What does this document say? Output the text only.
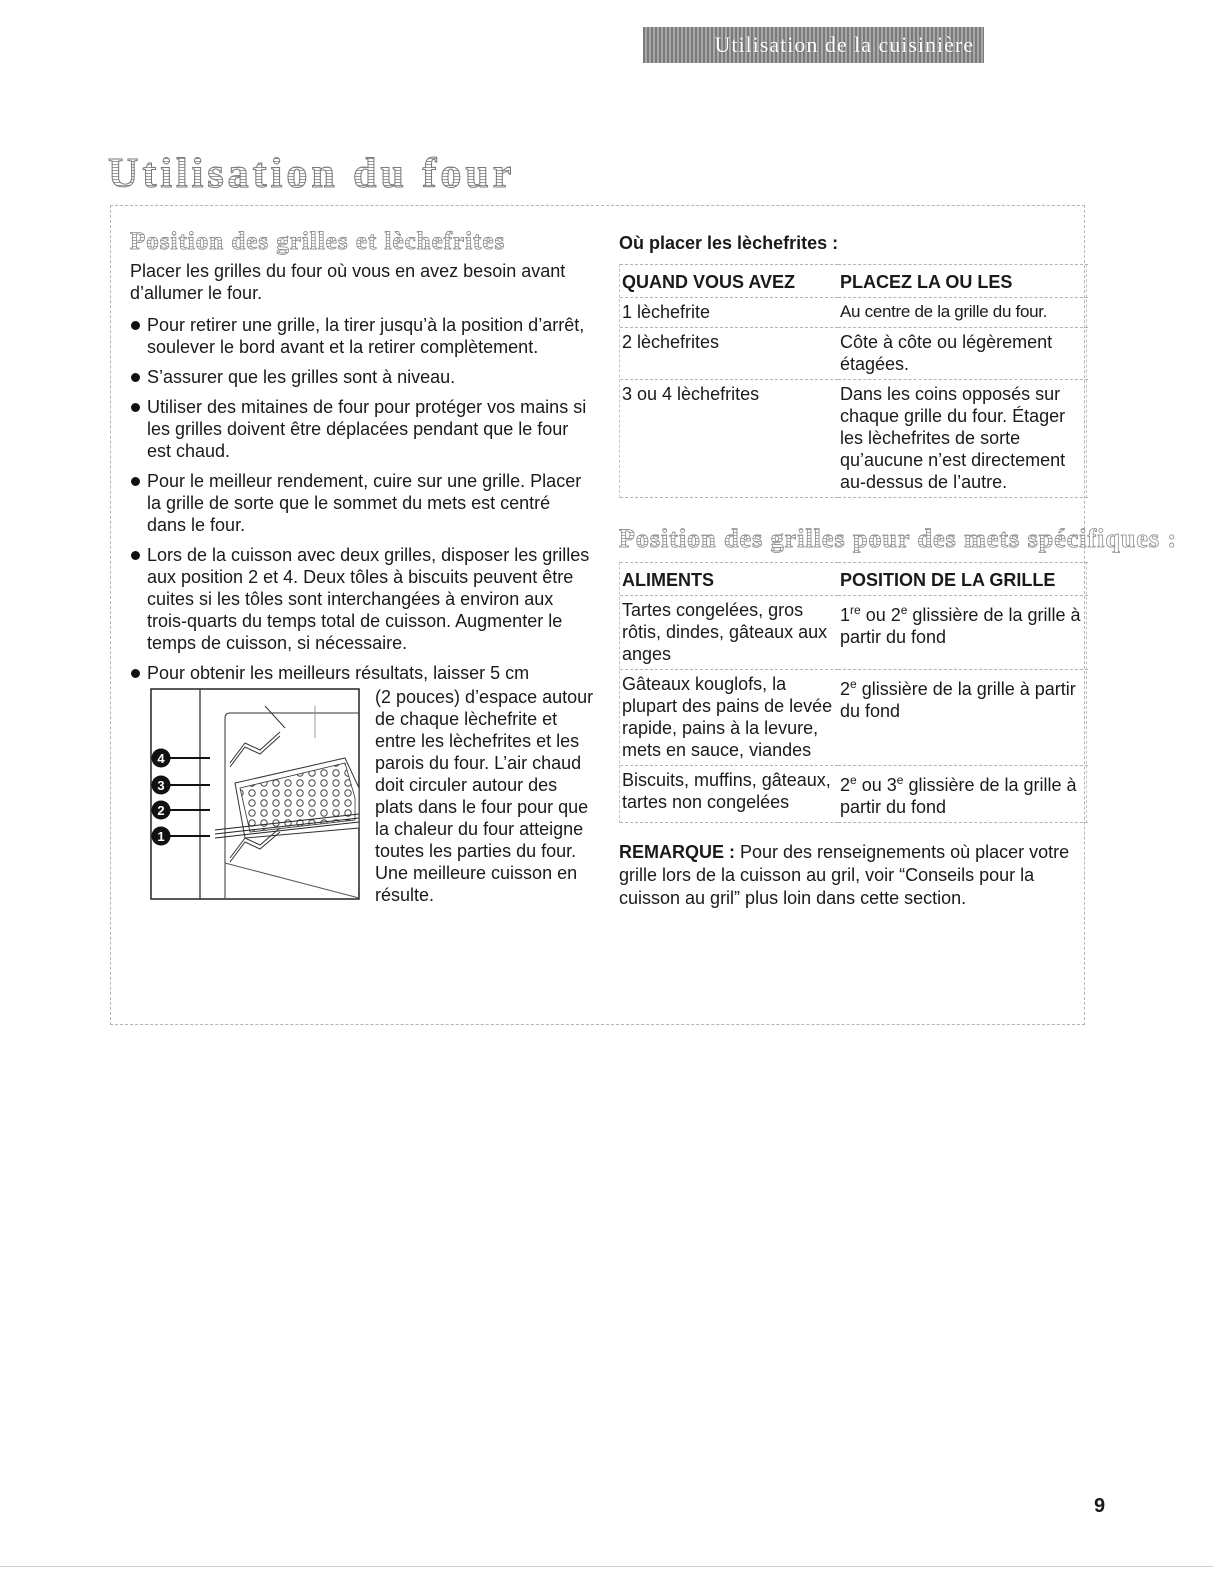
Utilisation de la cuisinière
Utilisation du four
Position des grilles et lèchefrites

Placer les grilles du four où vous en avez besoin avant d’allumer le four.

Pour retirer une grille, la tirer jusqu’à la position d’arrêt, soulever le bord avant et la retirer complètement.
S’assurer que les grilles sont à niveau.
Utiliser des mitaines de four pour protéger vos mains si les grilles doivent être déplacées pendant que le four est chaud.
Pour le meilleur rendement, cuire sur une grille. Placer la grille de sorte que le sommet du mets est centré dans le four.
Lors de la cuisson avec deux grilles, disposer les grilles aux position 2 et 4. Deux tôles à biscuits peuvent être cuites si les tôles sont interchangées à environ aux trois-quarts du temps total de cuisson. Augmenter le temps de cuisson, si nécessaire.
Pour obtenir les meilleurs résultats, laisser 5 cm
4
3
2
1
(2 pouces) d’espace autour de chaque lèchefrite et entre les lèchefrites et les parois du four. L’air chaud doit circuler autour des plats dans le four pour que la chaleur du four atteigne toutes les parties du four. Une meilleure cuisson en résulte.
Où placer les lèchefrites :
QUAND VOUS AVEZ	PLACEZ LA OU LES
1 lèchefrite	Au centre de la grille du four.
2 lèchefrites	Côte à côte ou légèrement étagées.
3 ou 4 lèchefrites	Dans les coins opposés sur chaque grille du four. Étager les lèchefrites de sorte qu’aucune n’est directement au-dessus de l’autre.
Position des grilles pour des mets spécifiques :
ALIMENTS	POSITION DE LA GRILLE
Tartes congelées, gros rôtis, dindes, gâteaux aux anges	1re ou 2e glissière de la grille à partir du fond
Gâteaux kouglofs, la plupart des pains de levée rapide, pains à la levure, mets en sauce, viandes	2e glissière de la grille à partir du fond
Biscuits, muffins, gâteaux, tartes non congelées	2e ou 3e glissière de la grille à partir du fond

REMARQUE : Pour des renseignements où placer votre grille lors de la cuisson au gril, voir “Conseils pour la cuisson au gril” plus loin dans cette section.

9
